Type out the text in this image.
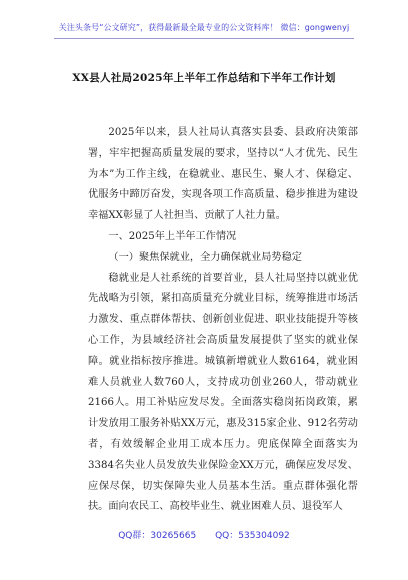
关注头条号“公文研究”，获得最新最全最专业的公文资料库！ 微信：gongwenyj
XX县人社局2025年上半年工作总结和下半年工作计划

2025年以来，县人社局认真落实县委、县政府决策部署，牢牢把握高质量发展的要求，坚持以“人才优先、民生为本”为工作主线，在稳就业、惠民生、聚人才、保稳定、优服务中蹄厉奋发，实现各项工作高质量、稳步推进为建设幸福XX彰显了人社担当、贡献了人社力量。

一、2025年上半年工作情况

（一）聚焦保就业，全力确保就业局势稳定

稳就业是人社系统的首要首业，县人社局坚持以就业优先战略为引领，紧扣高质量充分就业目标，统筹推进市场活力激发、重点群体帮扶、创新创业促进、职业技能提升等核心工作，为县域经济社会高质量发展提供了坚实的就业保障。就业指标按序推进。城镇新增就业人数6164，就业困难人员就业人数760人，支持成功创业260人，带动就业2166人。用工补贴应发尽发。全面落实稳岗拓岗政策，累计发放用工服务补贴XX万元，惠及315家企业、912名劳动者，有效缓解企业用工成本压力。兜底保障全面落实为3384名失业人员发放失业保险金XX万元，确保应发尽发、应保尽保，切实保障失业人员基本生活。重点群体强化帮扶。面向农民工、高校毕业生、就业困难人员、退役军人

QQ群：30265665 QQ：535304092
